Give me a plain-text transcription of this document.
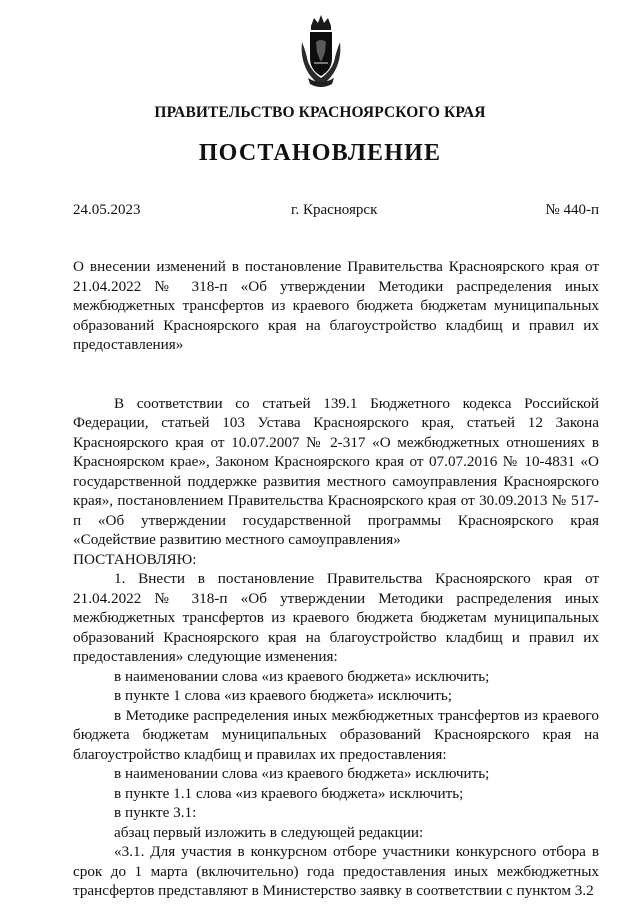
ПРАВИТЕЛЬСТВО КРАСНОЯРСКОГО КРАЯ
ПОСТАНОВЛЕНИЕ
24.05.2023	г. Красноярск	№ 440-п

О внесении изменений в постановление Правительства Красноярского края от 21.04.2022 № 318-п «Об утверждении Методики распределения иных межбюджетных трансфертов из краевого бюджета бюджетам муниципальных образований Красноярского края на благоустройство кладбищ и правил их предоставления»

В соответствии со статьей 139.1 Бюджетного кодекса Российской Федерации, статьей 103 Устава Красноярского края, статьей 12 Закона Красноярского края от 10.07.2007 № 2-317 «О межбюджетных отношениях в Красноярском крае», Законом Красноярского края от 07.07.2016 № 10-4831 «О государственной поддержке развития местного самоуправления Красноярского края», постановлением Правительства Красноярского края от 30.09.2013 № 517-п «Об утверждении государственной программы Красноярского края «Содействие развитию местного самоуправления»

ПОСТАНОВЛЯЮ:

1. Внести в постановление Правительства Красноярского края от 21.04.2022 № 318-п «Об утверждении Методики распределения иных межбюджетных трансфертов из краевого бюджета бюджетам муниципальных образований Красноярского края на благоустройство кладбищ и правил их предоставления» следующие изменения:

в наименовании слова «из краевого бюджета» исключить;

в пункте 1 слова «из краевого бюджета» исключить;

в Методике распределения иных межбюджетных трансфертов из краевого бюджета бюджетам муниципальных образований Красноярского края на благоустройство кладбищ и правилах их предоставления:

в наименовании слова «из краевого бюджета» исключить;

в пункте 1.1 слова «из краевого бюджета» исключить;

в пункте 3.1:

абзац первый изложить в следующей редакции:

«3.1. Для участия в конкурсном отборе участники конкурсного отбора в срок до 1 марта (включительно) года предоставления иных межбюджетных трансфертов представляют в Министерство заявку в соответствии с пунктом 3.2
